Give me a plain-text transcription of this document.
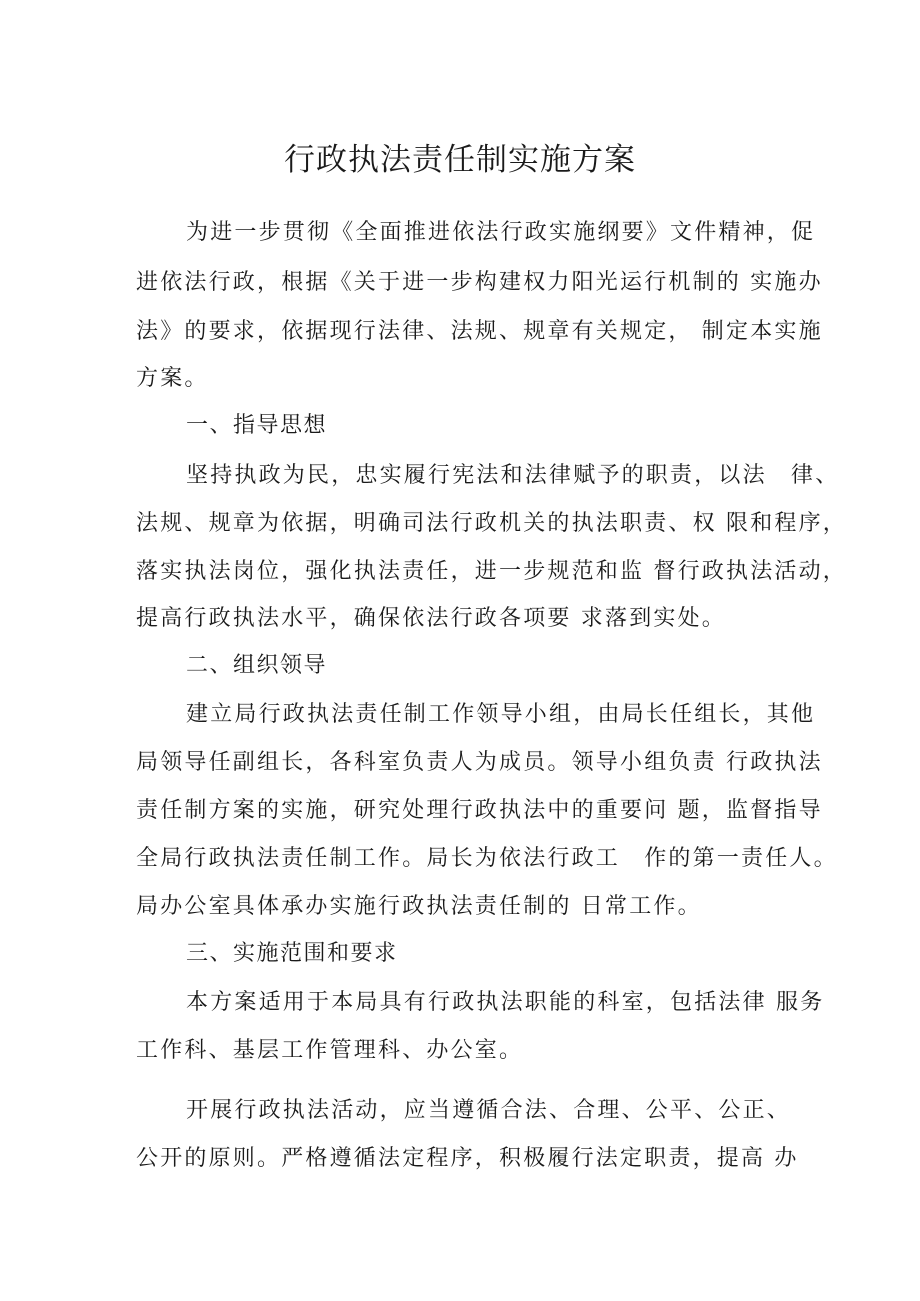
行政执法责任制实施方案
为进一步贯彻《全面推进依法行政实施纲要》文件精神，促
进依法行政，根据《关于进一步构建权力阳光运行机制的 实施办
法》的要求，依据现行法律、法规、规章有关规定， 制定本实施
方案。
一、指导思想
坚持执政为民，忠实履行宪法和法律赋予的职责，以法　律、
法规、规章为依据，明确司法行政机关的执法职责、权 限和程序，
落实执法岗位，强化执法责任，进一步规范和监 督行政执法活动，
提高行政执法水平，确保依法行政各项要 求落到实处。
二、组织领导
建立局行政执法责任制工作领导小组，由局长任组长，其他
局领导任副组长，各科室负责人为成员。领导小组负责 行政执法
责任制方案的实施，研究处理行政执法中的重要问 题，监督指导
全局行政执法责任制工作。局长为依法行政工　作的第一责任人。
局办公室具体承办实施行政执法责任制的 日常工作。
三、实施范围和要求
本方案适用于本局具有行政执法职能的科室，包括法律 服务
工作科、基层工作管理科、办公室。
开展行政执法活动，应当遵循合法、合理、公平、公正、
公开的原则。严格遵循法定程序，积极履行法定职责，提高 办
